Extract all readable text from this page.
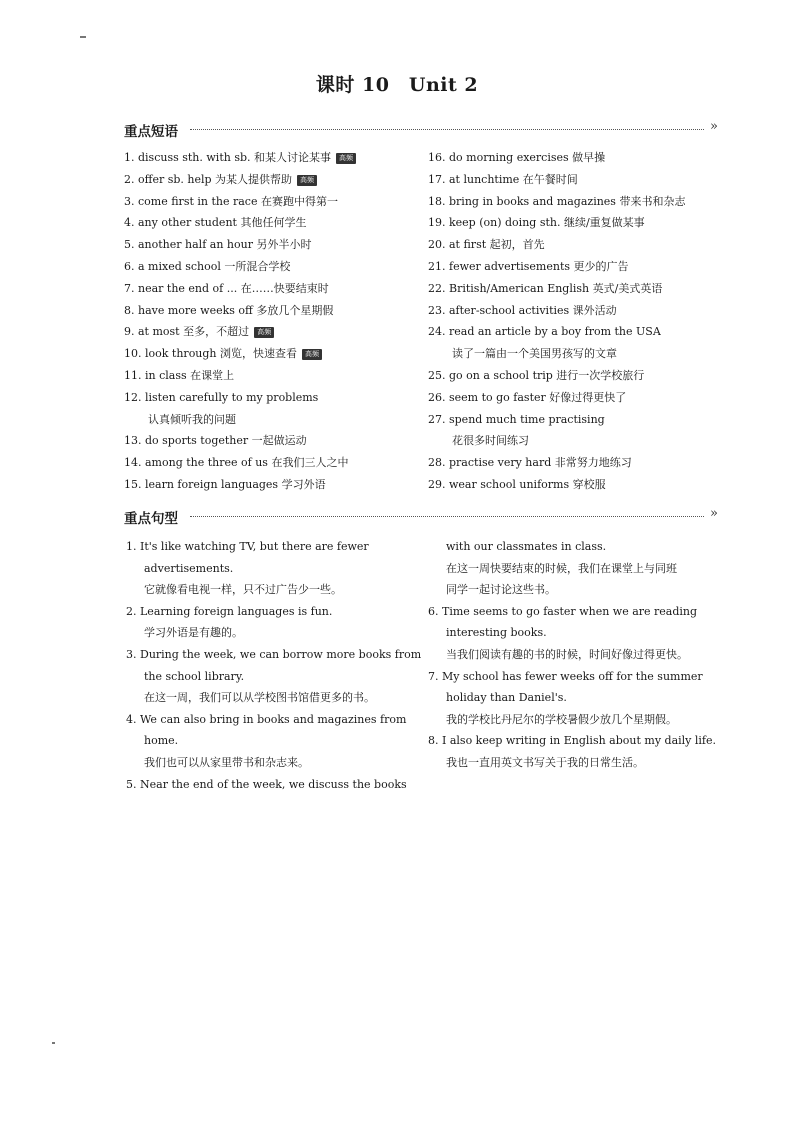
课时 10　Unit 2
重点短语	»
1. discuss sth. with sb. 和某人讨论某事 高频
2. offer sb. help 为某人提供帮助 高频
3. come first in the race 在赛跑中得第一
4. any other student 其他任何学生
5. another half an hour 另外半小时
6. a mixed school 一所混合学校
7. near the end of ... 在……快要结束时
8. have more weeks off 多放几个星期假
9. at most 至多，不超过 高频
10. look through 浏览，快速查看 高频
11. in class 在课堂上
12. listen carefully to my problems
认真倾听我的问题
13. do sports together 一起做运动
14. among the three of us 在我们三人之中
15. learn foreign languages 学习外语
16. do morning exercises 做早操
17. at lunchtime 在午餐时间
18. bring in books and magazines 带来书和杂志
19. keep (on) doing sth. 继续/重复做某事
20. at first 起初，首先
21. fewer advertisements 更少的广告
22. British/American English 英式/美式英语
23. after-school activities 课外活动
24. read an article by a boy from the USA
读了一篇由一个美国男孩写的文章
25. go on a school trip 进行一次学校旅行
26. seem to go faster 好像过得更快了
27. spend much time practising
花很多时间练习
28. practise very hard 非常努力地练习
29. wear school uniforms 穿校服
重点句型	»
1. It's like watching TV, but there are fewer
advertisements.
它就像看电视一样，只不过广告少一些。
2. Learning foreign languages is fun.
学习外语是有趣的。
3. During the week, we can borrow more books from
the school library.
在这一周，我们可以从学校图书馆借更多的书。
4. We can also bring in books and magazines from
home.
我们也可以从家里带书和杂志来。
5. Near the end of the week, we discuss the books
with our classmates in class.
在这一周快要结束的时候，我们在课堂上与同班
同学一起讨论这些书。
6. Time seems to go faster when we are reading
interesting books.
当我们阅读有趣的书的时候，时间好像过得更快。
7. My school has fewer weeks off for the summer
holiday than Daniel's.
我的学校比丹尼尔的学校暑假少放几个星期假。
8. I also keep writing in English about my daily life.
我也一直用英文书写关于我的日常生活。
